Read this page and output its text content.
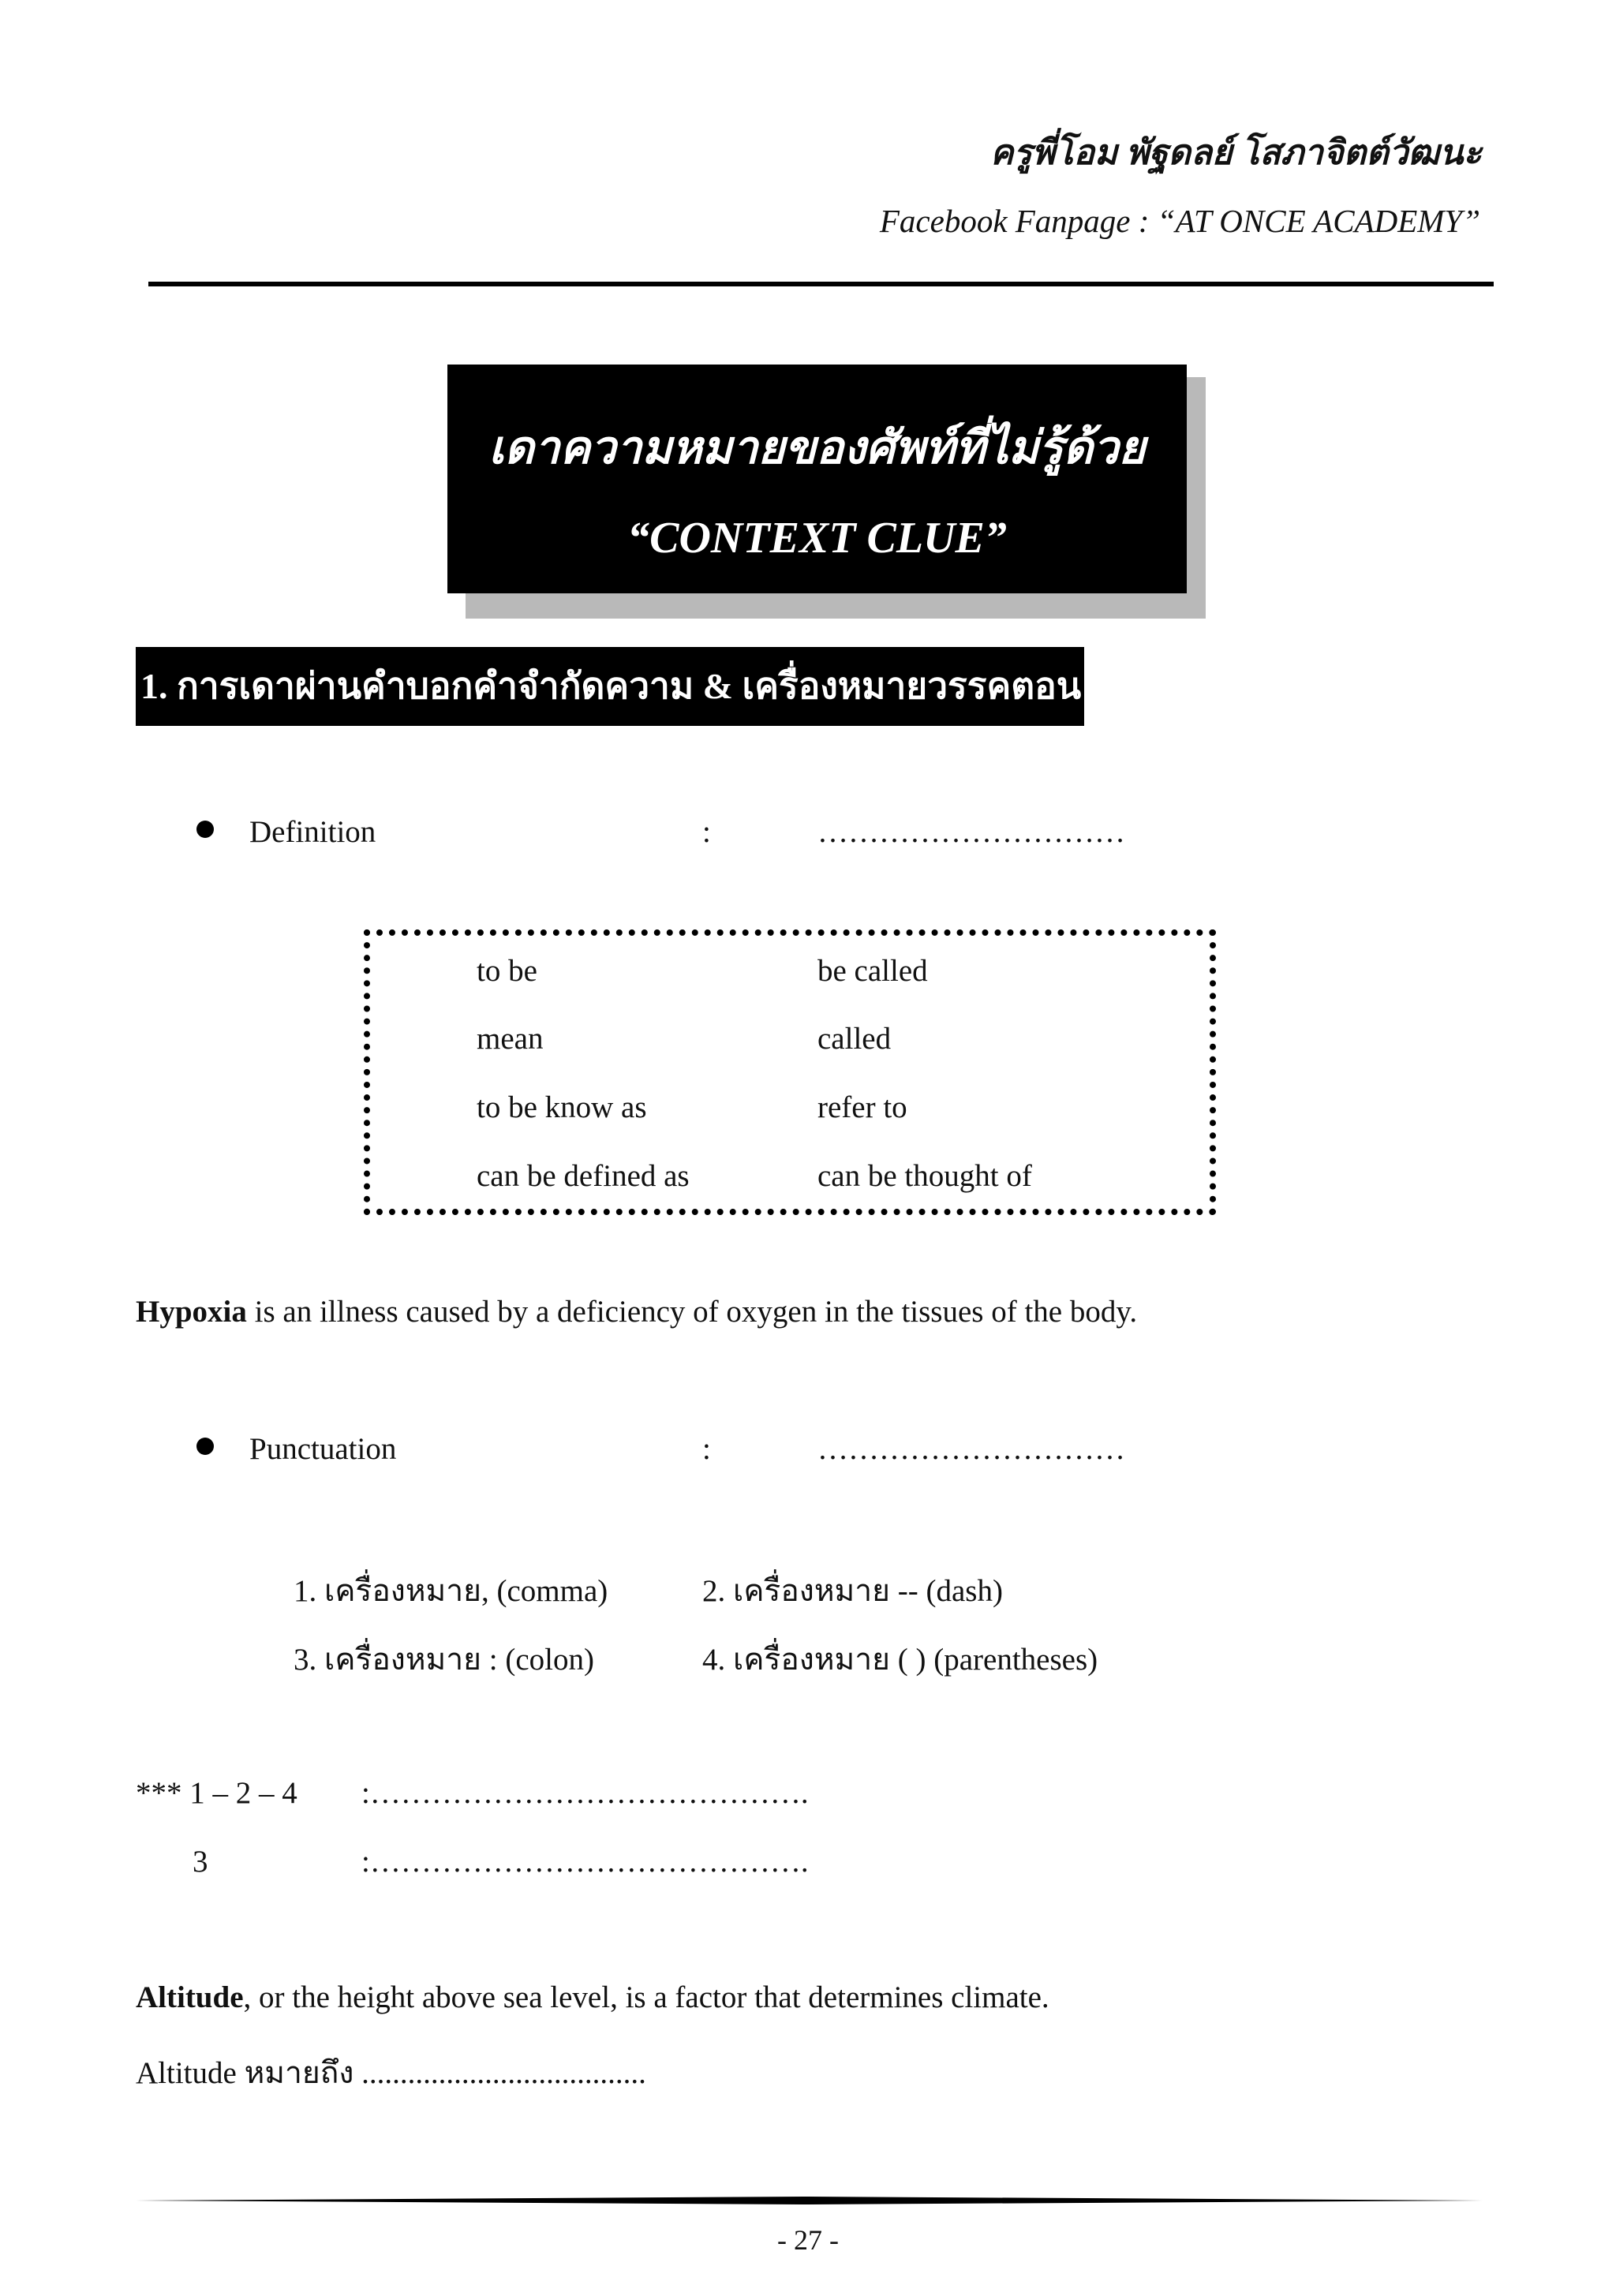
ครูพี่โอม พัฐดลย์ โสภาจิตต์วัฒนะ
Facebook Fanpage : “AT ONCE ACADEMY”
เดาความหมายของศัพท์ที่ไม่รู้ด้วย
“CONTEXT CLUE”
1. การเดาผ่านคำบอกคำจำกัดความ & เครื่องหมายวรรคตอน
Definition	:	…………………………
to be	be called
mean	called
to be know as	refer to
can be defined as	can be thought of
Hypoxia is an illness caused by a deficiency of oxygen in the tissues of the body.
Punctuation	:	…………………………
1. เครื่องหมาย, (comma)	2. เครื่องหมาย -- (dash)
3. เครื่องหมาย : (colon)	4. เครื่องหมาย ( ) (parentheses)
*** 1 – 2 – 4 :…………………………………….
3	:…………………………………….
Altitude, or the height above sea level, is a factor that determines climate.
Altitude หมายถึง .....................................
- 27 -
